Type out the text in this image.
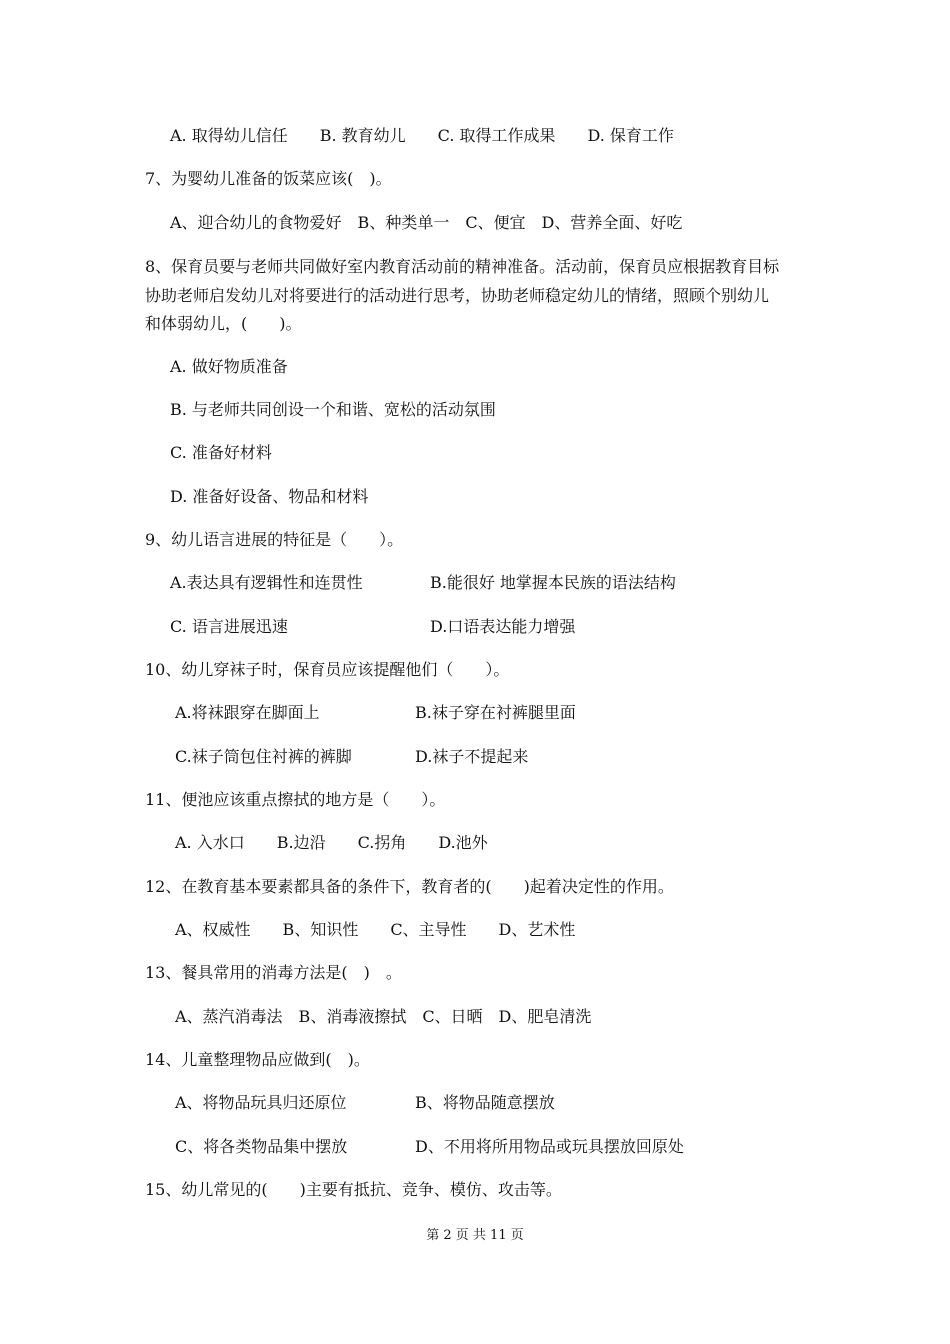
A. 取得幼儿信任　　B. 教育幼儿　　C. 取得工作成果　　D. 保育工作
7、为婴幼儿准备的饭菜应该(　)。
A、迎合幼儿的食物爱好　B、种类单一　C、便宜　D、营养全面、好吃
8、保育员要与老师共同做好室内教育活动前的精神准备。活动前，保育员应根据教育目标
协助老师启发幼儿对将要进行的活动进行思考，协助老师稳定幼儿的情绪，照顾个别幼儿
和体弱幼儿，(　　)。
A. 做好物质准备
B. 与老师共同创设一个和谐、宽松的活动氛围
C. 准备好材料
D. 准备好设备、物品和材料
9、幼儿语言进展的特征是（　　）。
A.表达具有逻辑性和连贯性	B.能很好 地掌握本民族的语法结构
C. 语言进展迅速	D.口语表达能力增强
10、幼儿穿袜子时，保育员应该提醒他们（　　）。
A.将袜跟穿在脚面上	B.袜子穿在衬裤腿里面
C.袜子筒包住衬裤的裤脚	D.袜子不提起来
11、便池应该重点擦拭的地方是（　　）。
A. 入水口　　B.边沿　　C.拐角　　D.池外
12、在教育基本要素都具备的条件下，教育者的(　　)起着决定性的作用。
A、权威性　　B、知识性　　C、主导性　　D、艺术性
13、餐具常用的消毒方法是(　)　。
A、蒸汽消毒法　B、消毒液擦拭　C、日晒　D、肥皂清洗
14、儿童整理物品应做到(　)。
A、将物品玩具归还原位	B、将物品随意摆放
C、将各类物品集中摆放	D、不用将所用物品或玩具摆放回原处
15、幼儿常见的(　　)主要有抵抗、竞争、模仿、攻击等。
第 2 页 共 11 页
